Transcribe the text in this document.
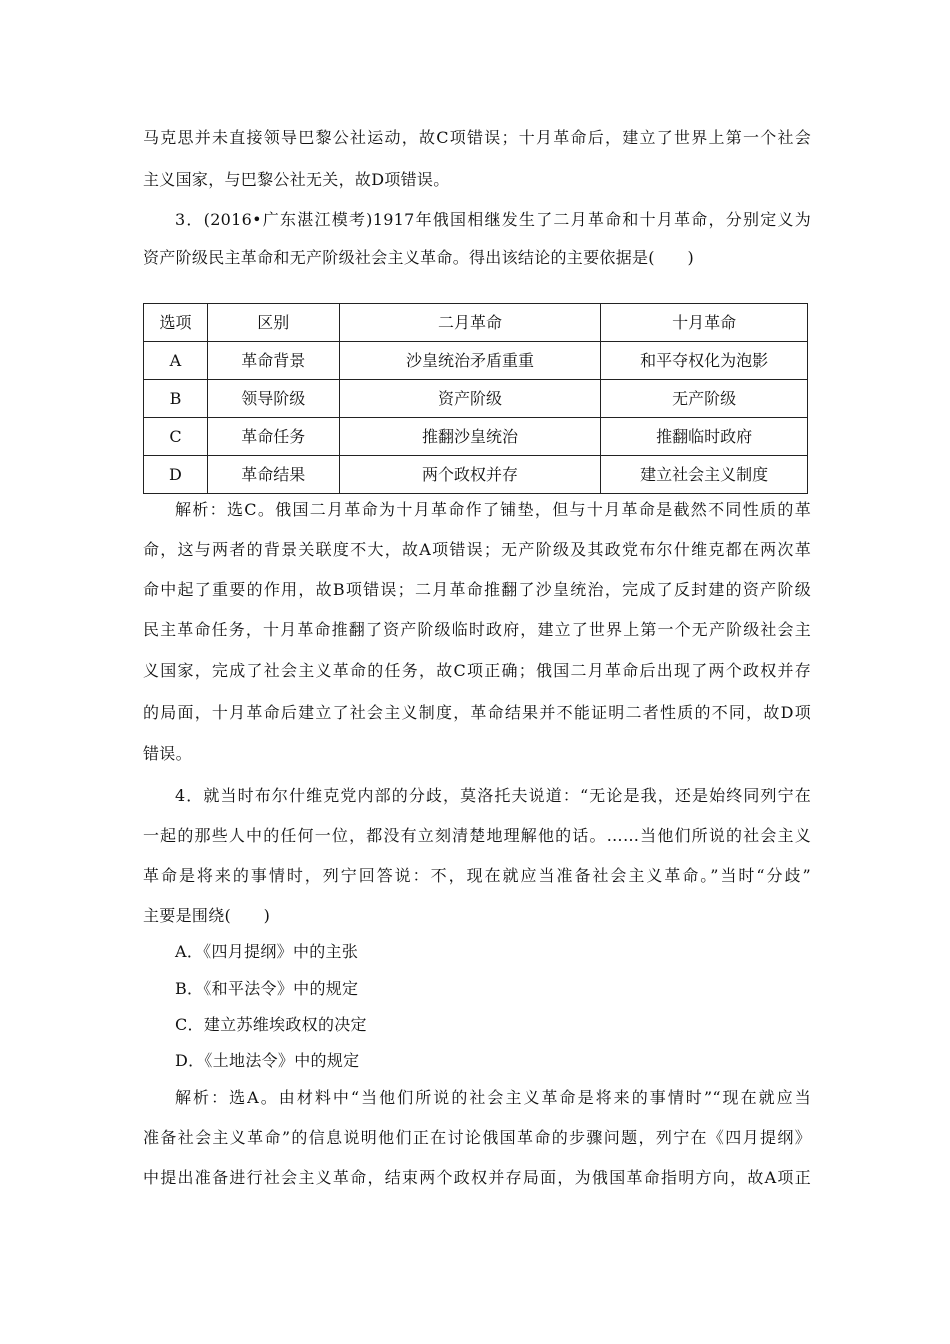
马克思并未直接领导巴黎公社运动，故C项错误；十月革命后，建立了世界上第一个社会
主义国家，与巴黎公社无关，故D项错误。
3．(2016•广东湛江模考)1917年俄国相继发生了二月革命和十月革命，分别定义为
资产阶级民主革命和无产阶级社会主义革命。得出该结论的主要依据是(　　)
选项	区别	二月革命	十月革命
A	革命背景	沙皇统治矛盾重重	和平夺权化为泡影
B	领导阶级	资产阶级	无产阶级
C	革命任务	推翻沙皇统治	推翻临时政府
D	革命结果	两个政权并存	建立社会主义制度
解析：选C。俄国二月革命为十月革命作了铺垫，但与十月革命是截然不同性质的革
命，这与两者的背景关联度不大，故A项错误；无产阶级及其政党布尔什维克都在两次革
命中起了重要的作用，故B项错误；二月革命推翻了沙皇统治，完成了反封建的资产阶级
民主革命任务，十月革命推翻了资产阶级临时政府，建立了世界上第一个无产阶级社会主
义国家，完成了社会主义革命的任务，故C项正确；俄国二月革命后出现了两个政权并存
的局面，十月革命后建立了社会主义制度，革命结果并不能证明二者性质的不同，故D项
错误。
4．就当时布尔什维克党内部的分歧，莫洛托夫说道：“无论是我，还是始终同列宁在
一起的那些人中的任何一位，都没有立刻清楚地理解他的话。……当他们所说的社会主义
革命是将来的事情时，列宁回答说：不，现在就应当准备社会主义革命。”当时“分歧”
主要是围绕(　　)
A．《四月提纲》中的主张
B．《和平法令》中的规定
C．建立苏维埃政权的决定
D．《土地法令》中的规定
解析：选A。由材料中“当他们所说的社会主义革命是将来的事情时”“现在就应当
准备社会主义革命”的信息说明他们正在讨论俄国革命的步骤问题，列宁在《四月提纲》
中提出准备进行社会主义革命，结束两个政权并存局面，为俄国革命指明方向，故A项正
